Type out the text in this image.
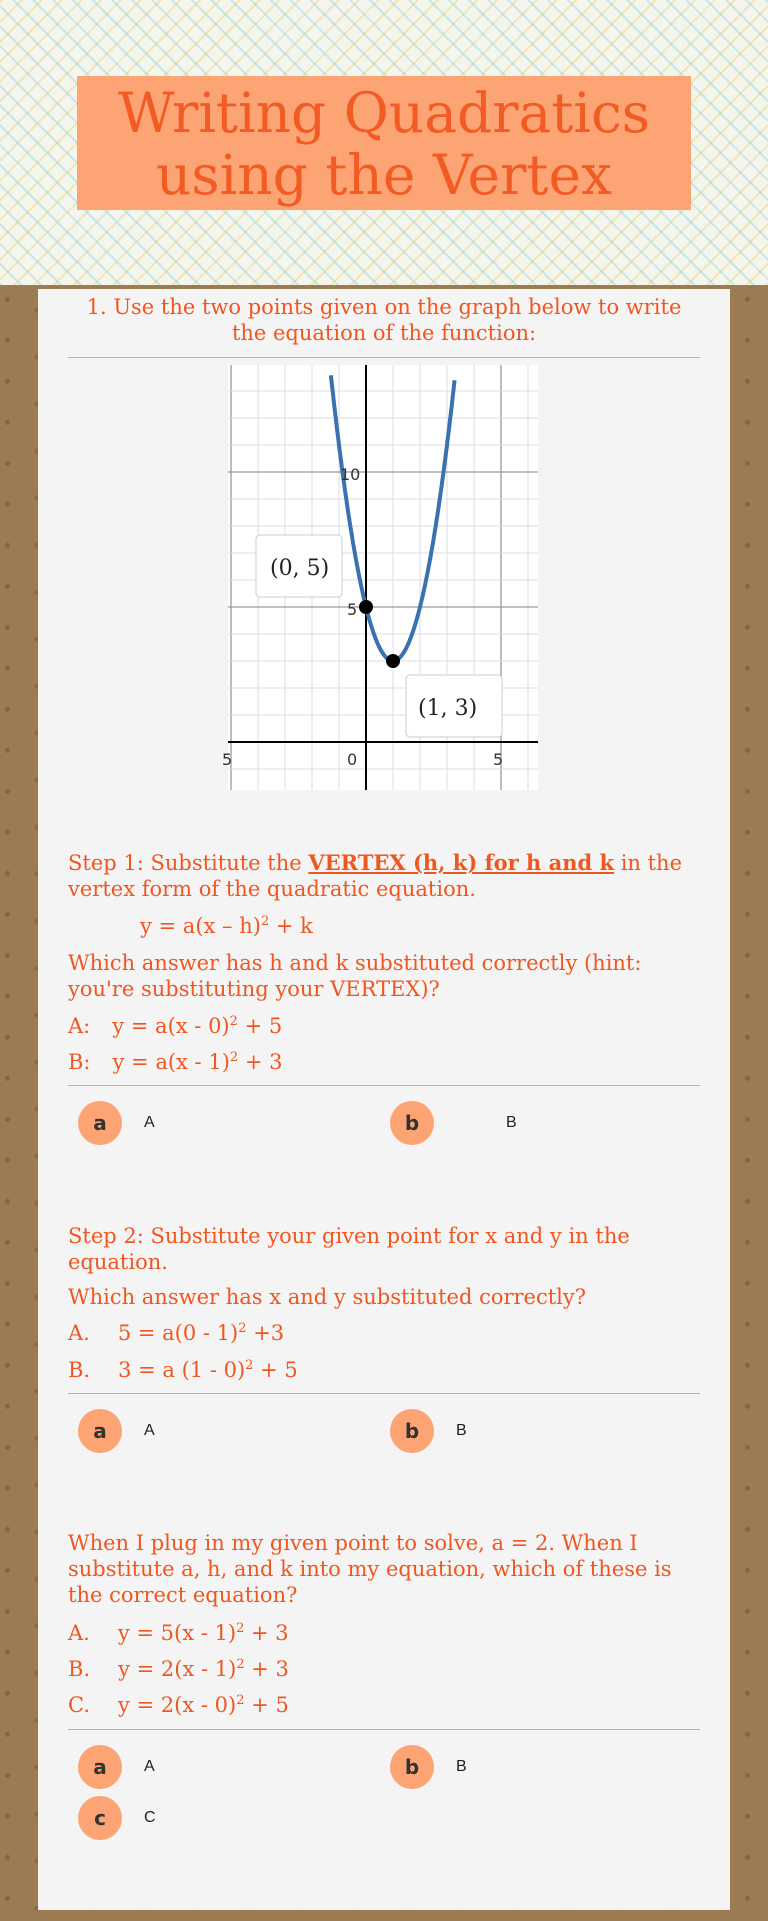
Writing Quadratics using the Vertex
1. Use the two points given on the graph below to write the equation of the function:
10
5
5	0	5
(0, 5)
(1, 3)
Step 1: Substitute the VERTEX (h, k) for h and k in the vertex form of the quadratic equation.
y = a(x – h)$^2$ + k
Which answer has h and k substituted correctly (hint: you're substituting your VERTEX)?
A: y = a(x - 0)$^2$ + 5
B: y = a(x - 1)$^2$ + 3
a	A	b	B
Step 2: Substitute your given point for x and y in the equation.
Which answer has x and y substituted correctly?
A. 5 = a(0 - 1)$^2$ +3
B. 3 = a (1 - 0)$^2$ + 5
a	A	b	B
When I plug in my given point to solve, a = 2. When I substitute a, h, and k into my equation, which of these is the correct equation?
A. y = 5(x - 1)$^2$ + 3
B. y = 2(x - 1)$^2$ + 3
C. y = 2(x - 0)$^2$ + 5
a	A	b	B
c	C
